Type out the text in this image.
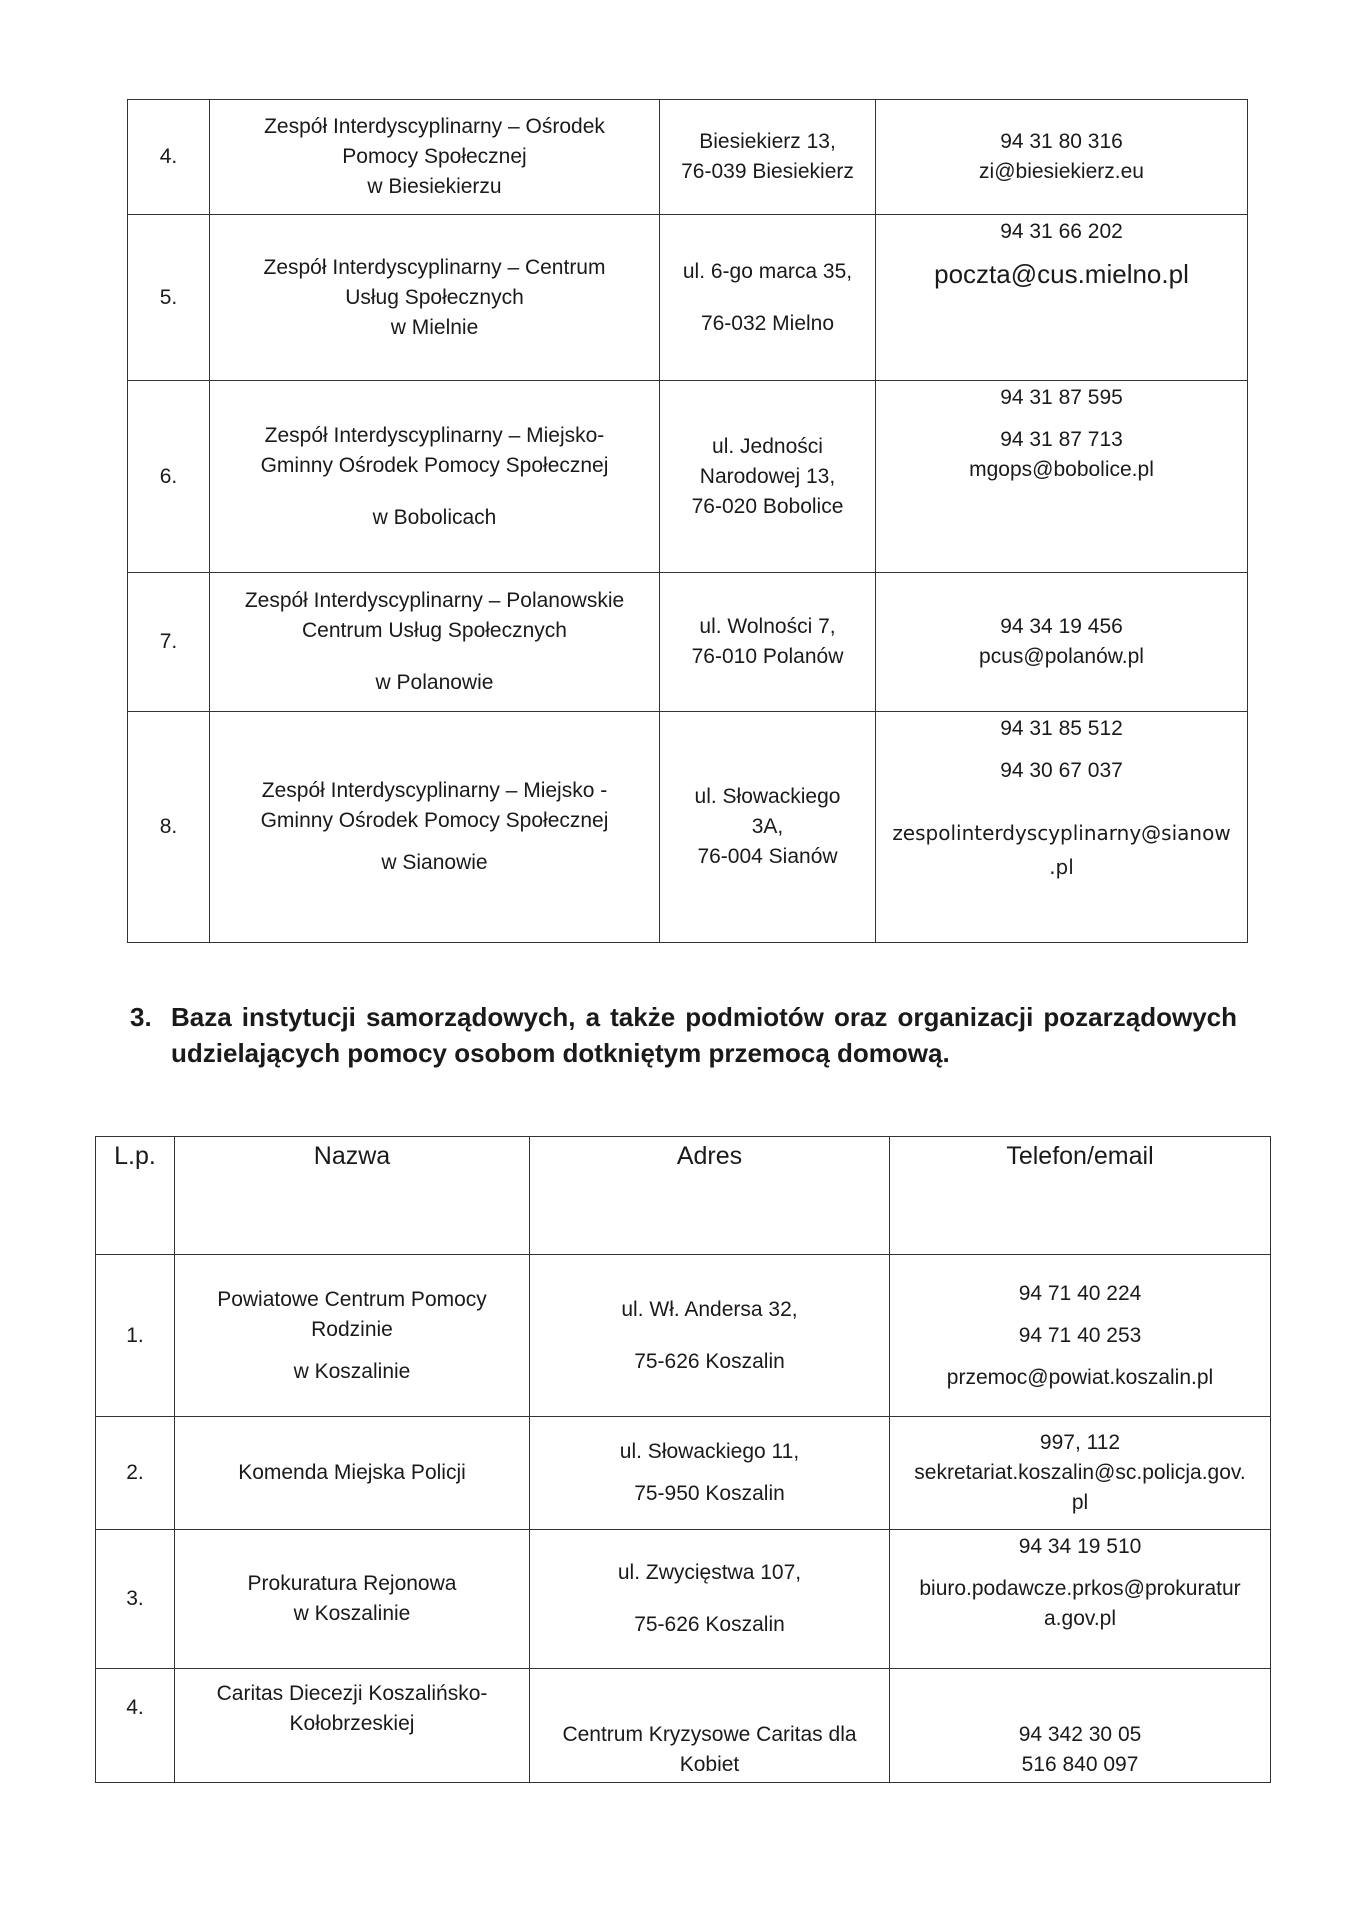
4.	Zespół Interdyscyplinarny – Ośrodek
Pomocy Społecznej
w Biesiekierzu	Biesiekierz 13,
76-039 Biesiekierz	94 31 80 316
zi@biesiekierz.eu

5.	Zespół Interdyscyplinarny – Centrum
Usług Społecznych
w Mielnie	ul. 6-go marca 35,
76-032 Mielno	94 31 66 202
poczta@cus.mielno.pl

6.	Zespół Interdyscyplinarny – Miejsko-
Gminny Ośrodek Pomocy Społecznej
w Bobolicach	ul. Jedności
Narodowej 13,
76-020 Bobolice	94 31 87 595
94 31 87 713
mgops@bobolice.pl

7.	Zespół Interdyscyplinarny – Polanowskie
Centrum Usług Społecznych
w Polanowie	ul. Wolności 7,
76-010 Polanów	94 34 19 456
pcus@polanów.pl

8.	Zespół Interdyscyplinarny – Miejsko -
Gminny Ośrodek Pomocy Społecznej
w Sianowie	ul. Słowackiego
3A,
76-004 Sianów	94 31 85 512
94 30 67 037
zespolinterdyscyplinarny@sianow
.pl
3. Baza instytucji samorządowych, a także podmiotów oraz organizacji pozarządowych udzielających pomocy osobom dotkniętym przemocą domową.
L.p.	Nazwa	Adres	Telefon/email
1.	Powiatowe Centrum Pomocy
Rodzinie
w Koszalinie	ul. Wł. Andersa 32,
75-626 Koszalin	94 71 40 224
94 71 40 253
przemoc@powiat.koszalin.pl

2.	Komenda Miejska Policji	ul. Słowackiego 11,
75-950 Koszalin	997, 112
sekretariat.koszalin@sc.policja.gov.
pl

3.	Prokuratura Rejonowa
w Koszalinie	ul. Zwycięstwa 107,
75-626 Koszalin	94 34 19 510
biuro.podawcze.prkos@prokuratur
a.gov.pl

4.	Caritas Diecezji Koszalińsko-
Kołobrzeskiej	Centrum Kryzysowe Caritas dla
Kobiet	94 342 30 05
516 840 097
